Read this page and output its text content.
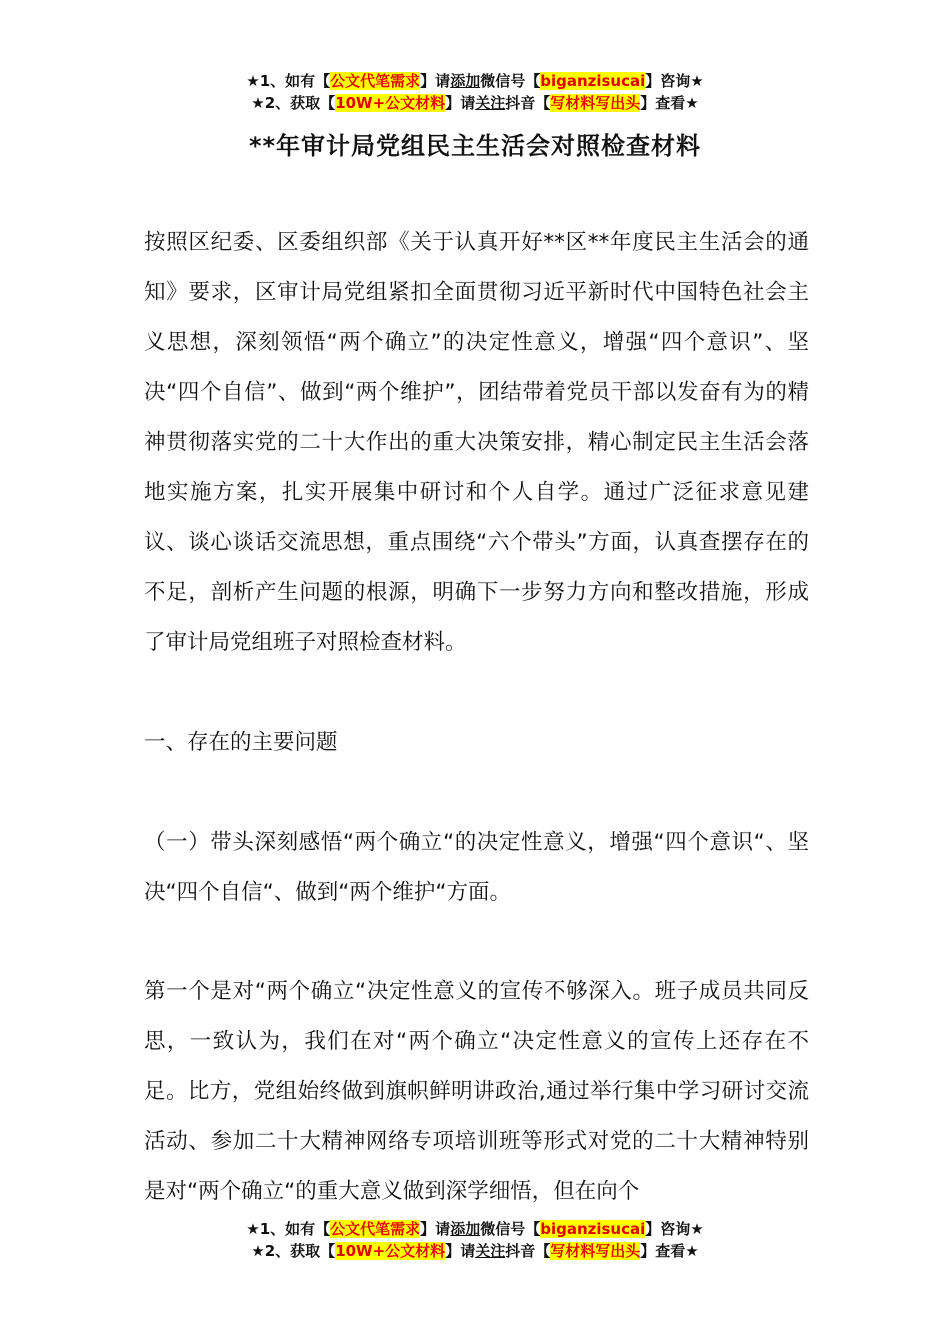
★1、如有【公文代笔需求】请添加微信号【biganzisucai】咨询★
★2、获取【10W+公文材料】请关注抖音【写材料写出头】查看★
**年审计局党组民主生活会对照检查材料

按照区纪委、区委组织部《关于认真开好**区**年度民主生活会的通知》要求，区审计局党组紧扣全面贯彻习近平新时代中国特色社会主义思想，深刻领悟“两个确立”的决定性意义，增强“四个意识”、坚决“四个自信”、做到“两个维护”，团结带着党员干部以发奋有为的精神贯彻落实党的二十大作出的重大决策安排，精心制定民主生活会落地实施方案，扎实开展集中研讨和个人自学。通过广泛征求意见建议、谈心谈话交流思想，重点围绕“六个带头”方面，认真查摆存在的不足，剖析产生问题的根源，明确下一步努力方向和整改措施，形成了审计局党组班子对照检查材料。

一、存在的主要问题

（一）带头深刻感悟“两个确立“的决定性意义，增强“四个意识“、坚决“四个自信“、做到“两个维护“方面。

第一个是对“两个确立“决定性意义的宣传不够深入。班子成员共同反思，一致认为，我们在对“两个确立“决定性意义的宣传上还存在不足。比方，党组始终做到旗帜鲜明讲政治,通过举行集中学习研讨交流活动、参加二十大精神网络专项培训班等形式对党的二十大精神特别是对“两个确立“的重大意义做到深学细悟，但在向个

★1、如有【公文代笔需求】请添加微信号【biganzisucai】咨询★
★2、获取【10W+公文材料】请关注抖音【写材料写出头】查看★
